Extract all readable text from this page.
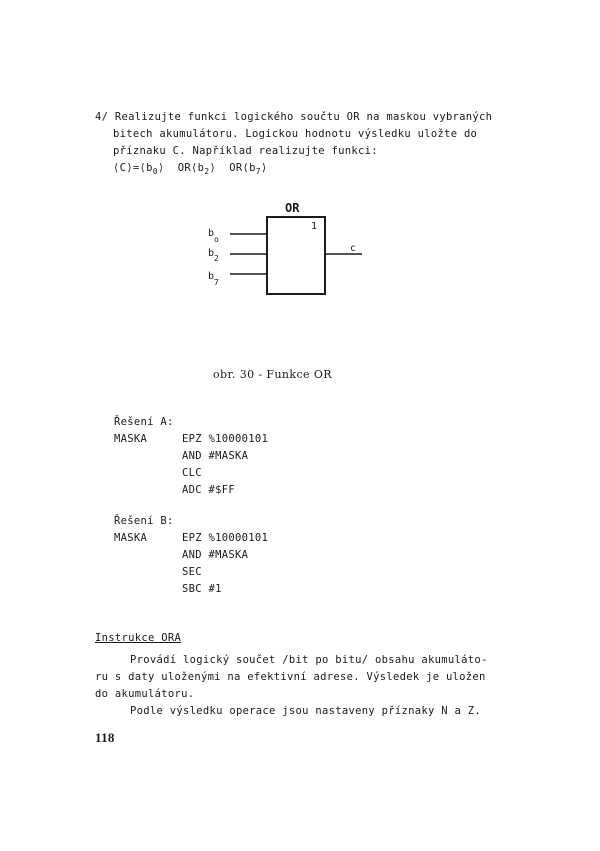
4/ Realizujte funkci logického součtu OR na maskou vybraných
bitech akumulátoru. Logickou hodnotu výsledku uložte do
příznaku C. Například realizujte funkci:
$⟨C⟩=⟨b_0⟩$  $OR⟨b_2⟩$  $OR⟨b_7⟩$
OR
1
$b_o$
$b_2$
$b_7$
c
obr. 30 - Funkce OR
Řešení A:
MASKA	EPZ %10000101
AND #MASKA
CLC
ADC #$FF
Řešení B:
MASKA	EPZ %10000101
AND #MASKA
SEC
SBC #1
Instrukce ORA
Provádí logický součet /bit po bitu/ obsahu akumuláto-
ru s daty uloženými na efektivní adrese. Výsledek je uložen
do akumulátoru.
Podle výsledku operace jsou nastaveny příznaky N a Z.
118
